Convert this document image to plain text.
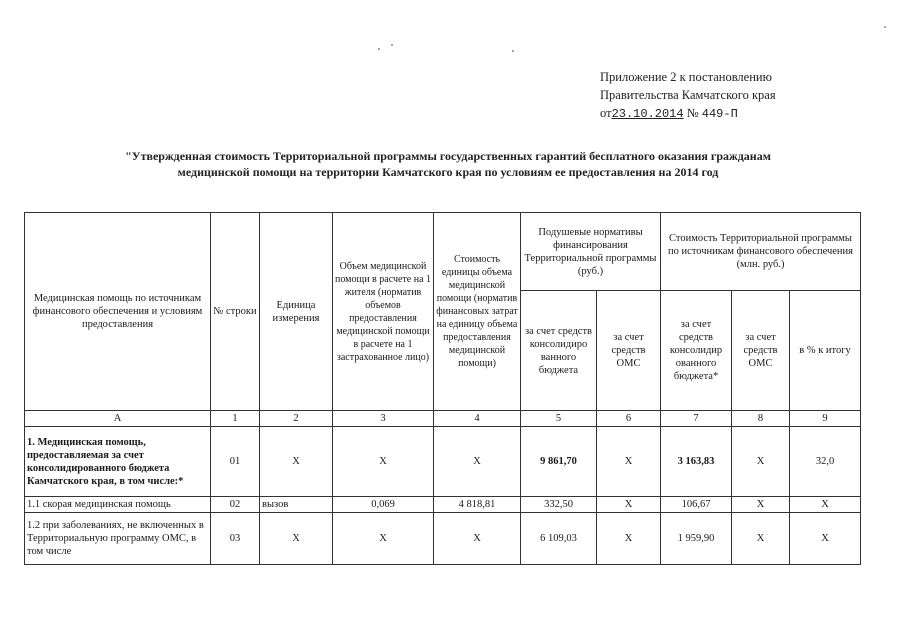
Приложение 2 к постановлению
Правительства Камчатского края
от23.10.2014 № 449-П
"Утвержденная стоимость Территориальной программы государственных гарантий бесплатного оказания гражданам
медицинской помощи на территории Камчатского края по условиям ее предоставления на 2014 год
Медицинская помощь по источникам финансового обеспечения и условиям предоставления	№ строки	Единица измерения	Объем медицинской помощи в расчете на 1 жителя (норматив объемов предоставления медицинской помощи в расчете на 1 застрахованное лицо)	Стоимость единицы объема медицинской помощи (норматив финансовых затрат на единицу объема предоставления медицинской помощи)	Подушевые нормативы финансирования Территориальной программы (руб.)		Стоимость Территориальной программы по источникам финансового обеспечения (млн. руб.)		
					за счет средств консолидиро ванного бюджета	за счет средств ОМС	за счет средств консолидир ованного бюджета*	за счет средств ОМС	в % к итогу
А	1	2	3	4	5	6	7	8	9
1. Медицинская помощь, предоставляемая за счет консолидированного бюджета Камчатского края, в том числе:*	01	Х	Х	Х	9 861,70	Х	3 163,83	Х	32,0
1.1 скорая медицинская помощь	02	вызов	0,069	4 818,81	332,50	Х	106,67	Х	Х
1.2 при заболеваниях, не включенных в Территориальную программу ОМС, в том числе	03	Х	Х	Х	6 109,03	Х	1 959,90	Х	Х
